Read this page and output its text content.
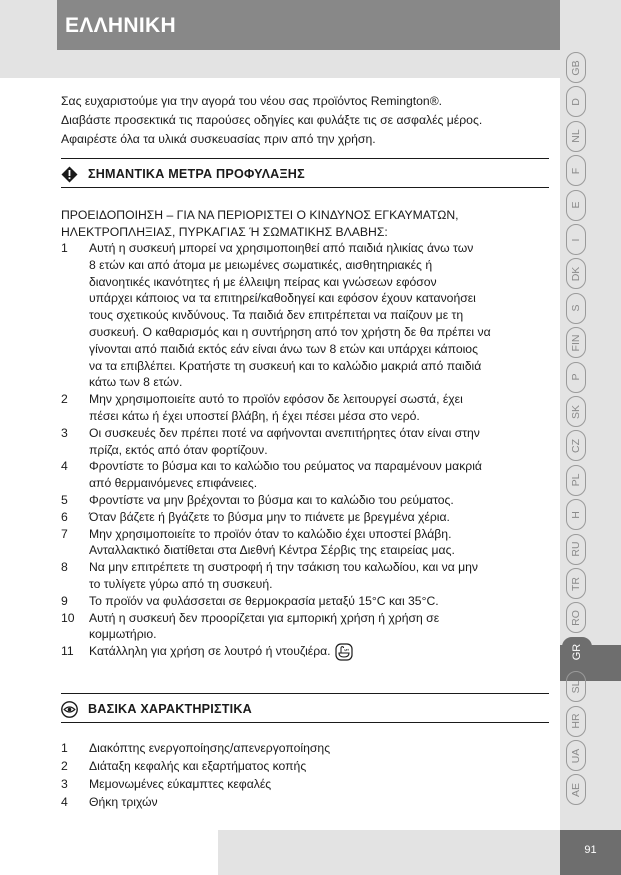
ΕΛΛΗΝΙΚΗ
GB
D
NL
F
E
I
DK
S
FIN
P
SK
CZ
PL
H
RU
TR
RO
GR
SL
HR
UA
AE

Σας ευχαριστούμε για την αγορά του νέου σας προϊόντος Remington®.

Διαβάστε προσεκτικά τις παρούσες οδηγίες και φυλάξτε τις σε ασφαλές μέρος.

Αφαιρέστε όλα τα υλικά συσκευασίας πριν από την χρήση.

ΣΗΜΑΝΤΙΚΑ ΜΕΤΡΑ ΠΡΟΦΥΛΑΞΗΣ

ΠΡΟΕΙΔΟΠΟΙΗΣΗ – ΓΙΑ ΝΑ ΠΕΡΙΟΡΙΣΤΕΙ Ο ΚΙΝΔΥΝΟΣ ΕΓΚΑΥΜΑΤΩΝ,

ΗΛΕΚΤΡΟΠΛΗΞΙΑΣ, ΠΥΡΚΑΓΙΑΣ Ή ΣΩΜΑΤΙΚΗΣ ΒΛΑΒΗΣ:

1	Αυτή η συσκευή μπορεί να χρησιμοποιηθεί από παιδιά ηλικίας άνω των
8 ετών και από άτομα με μειωμένες σωματικές, αισθητηριακές ή
διανοητικές ικανότητες ή με έλλειψη πείρας και γνώσεων εφόσον
υπάρχει κάποιος να τα επιτηρεί/καθοδηγεί και εφόσον έχουν κατανοήσει
τους σχετικούς κινδύνους. Τα παιδιά δεν επιτρέπεται να παίζουν με τη
συσκευή. Ο καθαρισμός και η συντήρηση από τον χρήστη δε θα πρέπει να
γίνονται από παιδιά εκτός εάν είναι άνω των 8 ετών και υπάρχει κάποιος
να τα επιβλέπει. Κρατήστε τη συσκευή και το καλώδιο μακριά από παιδιά
κάτω των 8 ετών.
2	Μην χρησιμοποιείτε αυτό το προϊόν εφόσον δε λειτουργεί σωστά, έχει
πέσει κάτω ή έχει υποστεί βλάβη, ή έχει πέσει μέσα στο νερό.
3	Οι συσκευές δεν πρέπει ποτέ να αφήνονται ανεπιτήρητες όταν είναι στην
πρίζα, εκτός από όταν φορτίζουν.
4	Φροντίστε το βύσμα και το καλώδιο του ρεύματος να παραμένουν μακριά
από θερμαινόμενες επιφάνειες.
5	Φροντίστε να μην βρέχονται το βύσμα και το καλώδιο του ρεύματος.
6	Όταν βάζετε ή βγάζετε το βύσμα μην το πιάνετε με βρεγμένα χέρια.
7	Μην χρησιμοποιείτε το προϊόν όταν το καλώδιο έχει υποστεί βλάβη.
Ανταλλακτικό διατίθεται στα Διεθνή Κέντρα Σέρβις της εταιρείας μας.
8	Να μην επιτρέπετε τη συστροφή ή την τσάκιση του καλωδίου, και να μην
το τυλίγετε γύρω από τη συσκευή.
9	Το προϊόν να φυλάσσεται σε θερμοκρασία μεταξύ 15°C και 35°C.
10	Αυτή η συσκευή δεν προορίζεται για εμπορική χρήση ή χρήση σε
κομμωτήριο.
11	Κατάλληλη για χρήση σε λουτρό ή ντουζιέρα.
ΒΑΣΙΚΑ ΧΑΡΑΚΤΗΡΙΣΤΙΚΑ
1	Διακόπτης ενεργοποίησης/απενεργοποίησης
2	Διάταξη κεφαλής και εξαρτήματος κοπής
3	Μεμονωμένες εύκαμπτες κεφαλές
4	Θήκη τριχών
91
